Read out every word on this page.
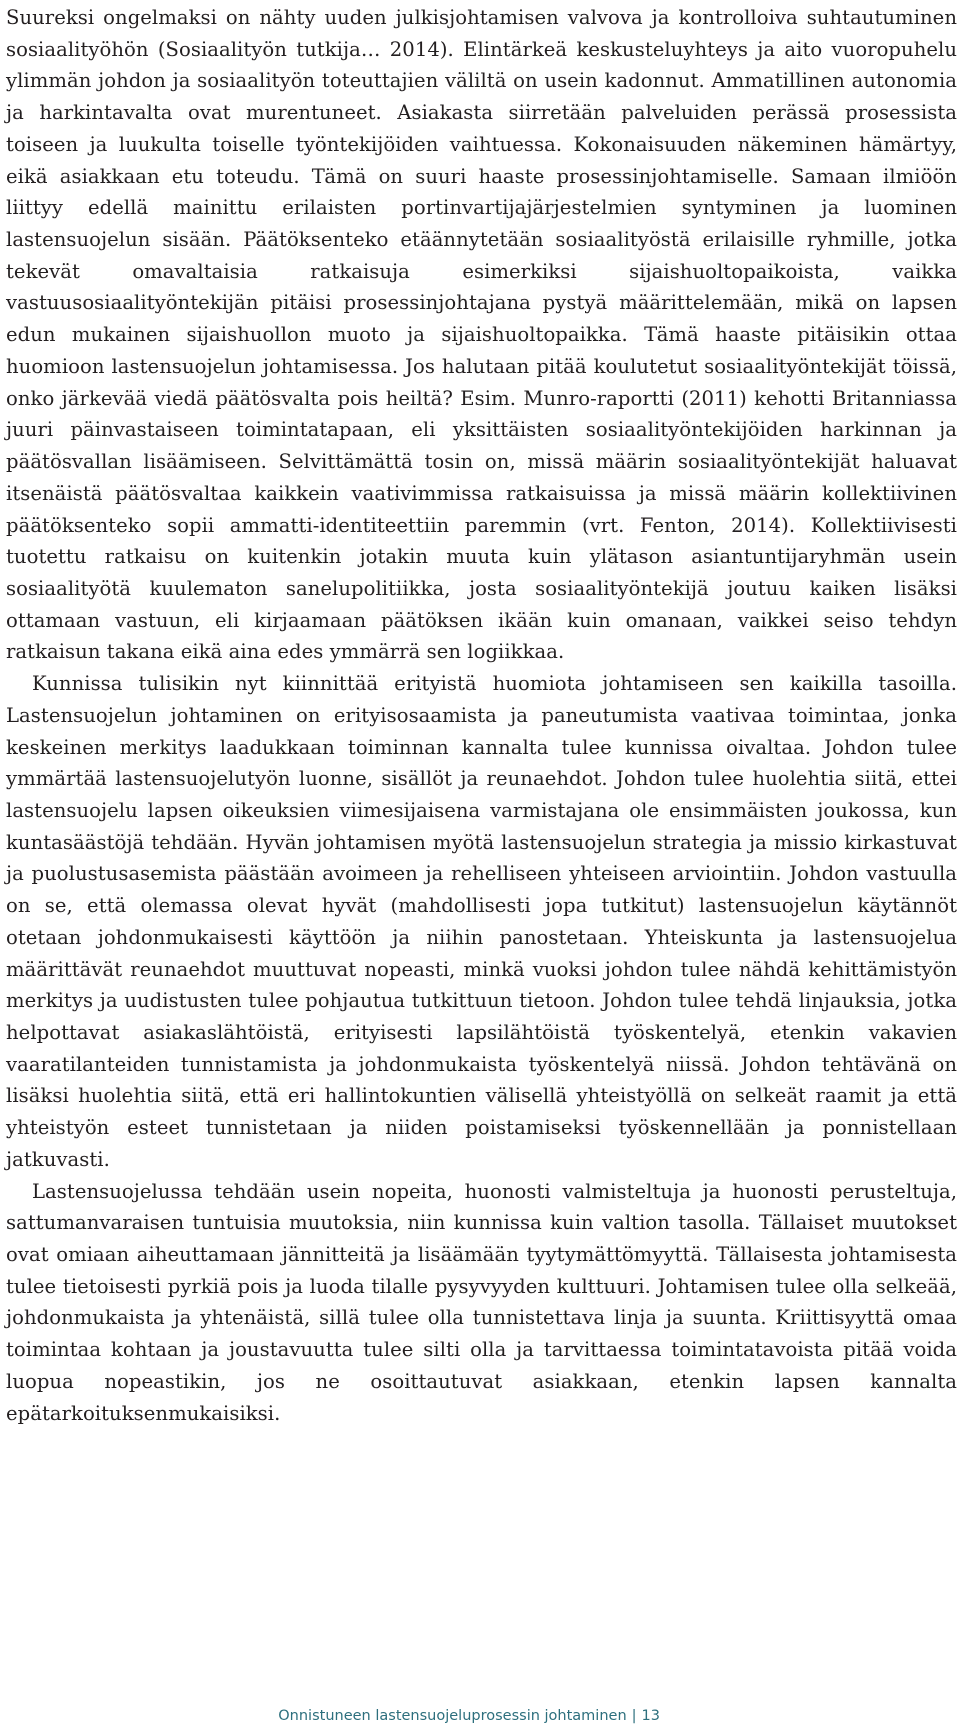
Suureksi ongelmaksi on nähty uuden julkisjohtamisen valvova ja kontrolloiva suhtautuminen sosiaalityöhön (Sosiaalityön tutkija… 2014). Elintärkeä keskusteluyhteys ja aito vuoropuhelu ylimmän johdon ja sosiaalityön toteuttajien väliltä on usein kadonnut. Ammatillinen autonomia ja harkintavalta ovat murentuneet. Asiakasta siirretään palveluiden perässä prosessista toiseen ja luukulta toiselle työntekijöiden vaihtuessa. Kokonaisuuden näkeminen hämärtyy, eikä asiakkaan etu toteudu. Tämä on suuri haaste prosessinjohtamiselle. Samaan ilmiöön liittyy edellä mainittu erilaisten portinvartijajärjestelmien syntyminen ja luominen lastensuojelun sisään. Päätöksenteko etäännytetään sosiaalityöstä erilaisille ryhmille, jotka tekevät omavaltaisia ratkaisuja esimerkiksi sijaishuoltopaikoista, vaikka vastuusosiaalityöntekijän pitäisi prosessinjohtajana pystyä määrittelemään, mikä on lapsen edun mukainen sijaishuollon muoto ja sijaishuoltopaikka. Tämä haaste pitäisikin ottaa huomioon lastensuojelun johtamisessa. Jos halutaan pitää koulutetut sosiaalityöntekijät töissä, onko järkevää viedä päätösvalta pois heiltä? Esim. Munro-raportti (2011) kehotti Britanniassa juuri päinvastaiseen toimintatapaan, eli yksittäisten sosiaalityöntekijöiden harkinnan ja päätösvallan lisäämiseen. Selvittämättä tosin on, missä määrin sosiaalityöntekijät haluavat itsenäistä päätösvaltaa kaikkein vaativimmissa ratkaisuissa ja missä määrin kollektiivinen päätöksenteko sopii ammatti-identiteettiin paremmin (vrt. Fenton, 2014). Kollektiivisesti tuotettu ratkaisu on kuitenkin jotakin muuta kuin ylätason asiantuntijaryhmän usein sosiaalityötä kuulematon sanelupolitiikka, josta sosiaalityöntekijä joutuu kaiken lisäksi ottamaan vastuun, eli kirjaamaan päätöksen ikään kuin omanaan, vaikkei seiso tehdyn ratkaisun takana eikä aina edes ymmärrä sen logiikkaa.

Kunnissa tulisikin nyt kiinnittää erityistä huomiota johtamiseen sen kaikilla tasoilla. Lastensuojelun johtaminen on erityisosaamista ja paneutumista vaativaa toimintaa, jonka keskeinen merkitys laadukkaan toiminnan kannalta tulee kunnissa oivaltaa. Johdon tulee ymmärtää lastensuojelutyön luonne, sisällöt ja reunaehdot. Johdon tulee huolehtia siitä, ettei lastensuojelu lapsen oikeuksien viimesijaisena varmistajana ole ensimmäisten joukossa, kun kuntasäästöjä tehdään. Hyvän johtamisen myötä lastensuojelun strategia ja missio kirkastuvat ja puolustusasemista päästään avoimeen ja rehelliseen yhteiseen arviointiin. Johdon vastuulla on se, että olemassa olevat hyvät (mahdollisesti jopa tutkitut) lastensuojelun käytännöt otetaan johdonmukaisesti käyttöön ja niihin panostetaan. Yhteiskunta ja lastensuojelua määrittävät reunaehdot muuttuvat nopeasti, minkä vuoksi johdon tulee nähdä kehittämistyön merkitys ja uudistusten tulee pohjautua tutkittuun tietoon. Johdon tulee tehdä linjauksia, jotka helpottavat asiakaslähtöistä, erityisesti lapsilähtöistä työskentelyä, etenkin vakavien vaaratilanteiden tunnistamista ja johdonmukaista työskentelyä niissä. Johdon tehtävänä on lisäksi huolehtia siitä, että eri hallintokuntien välisellä yhteistyöllä on selkeät raamit ja että yhteistyön esteet tunnistetaan ja niiden poistamiseksi työskennellään ja ponnistellaan jatkuvasti.

Lastensuojelussa tehdään usein nopeita, huonosti valmisteltuja ja huonosti perusteltuja, sattumanvaraisen tuntuisia muutoksia, niin kunnissa kuin valtion tasolla. Tällaiset muutokset ovat omiaan aiheuttamaan jännitteitä ja lisäämään tyytymättömyyttä. Tällaisesta johtamisesta tulee tietoisesti pyrkiä pois ja luoda tilalle pysyvyyden kulttuuri. Johtamisen tulee olla selkeää, johdonmukaista ja yhtenäistä, sillä tulee olla tunnistettava linja ja suunta. Kriittisyyttä omaa toimintaa kohtaan ja joustavuutta tulee silti olla ja tarvittaessa toimintatavoista pitää voida luopua nopeastikin, jos ne osoittautuvat asiakkaan, etenkin lapsen kannalta epätarkoituksenmukaisiksi.

Onnistuneen lastensuojeluprosessin johtaminen | 13
